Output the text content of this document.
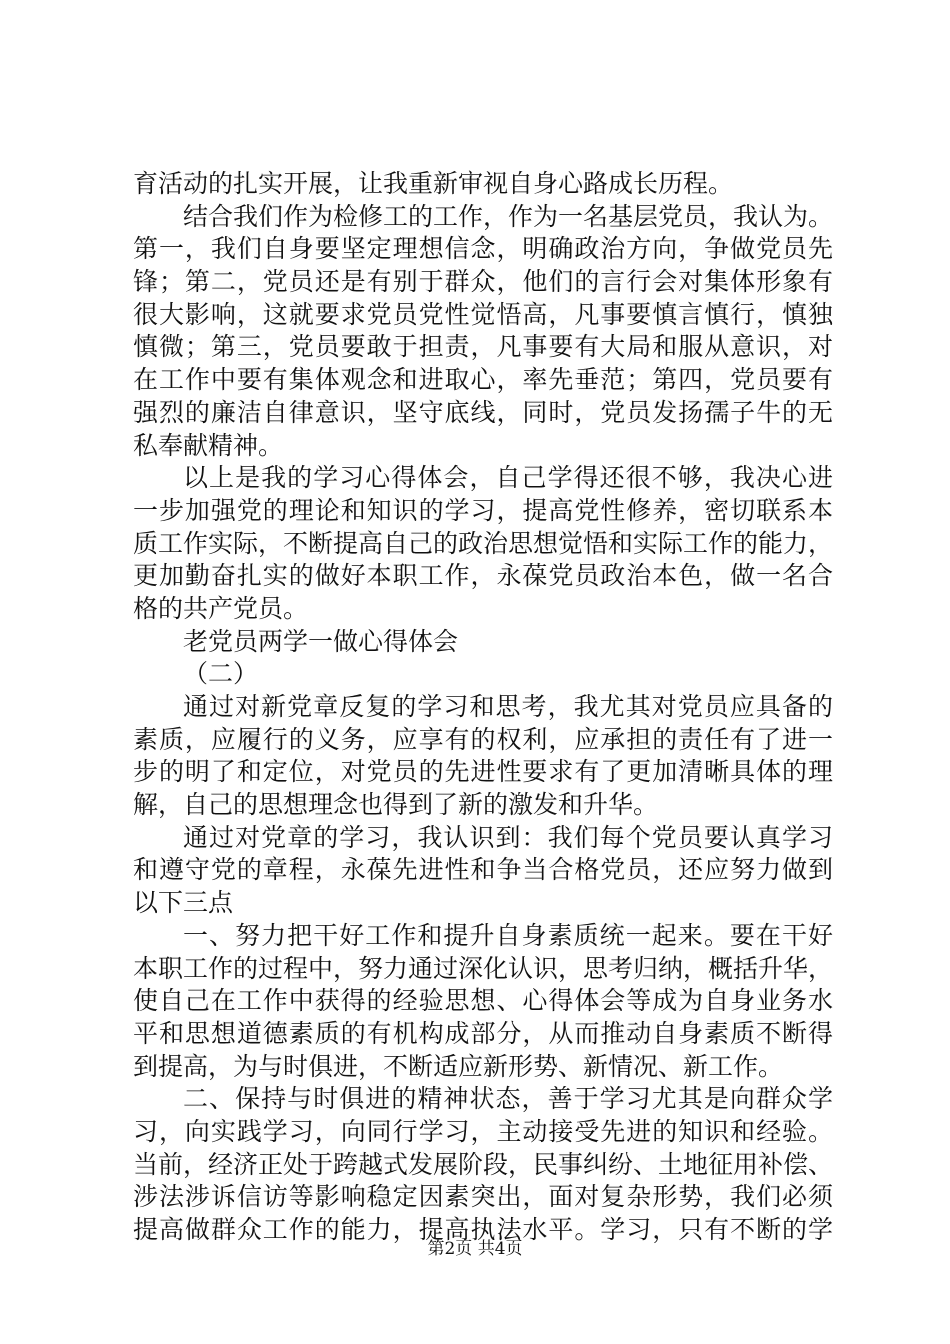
育活动的扎实开展，让我重新审视自身心路成长历程。
结合我们作为检修工的工作，作为一名基层党员，我认为。
第一，我们自身要坚定理想信念，明确政治方向，争做党员先
锋；第二，党员还是有别于群众，他们的言行会对集体形象有
很大影响，这就要求党员党性觉悟高，凡事要慎言慎行，慎独
慎微；第三，党员要敢于担责，凡事要有大局和服从意识，对
在工作中要有集体观念和进取心，率先垂范；第四，党员要有
强烈的廉洁自律意识，坚守底线，同时，党员发扬孺子牛的无
私奉献精神。
以上是我的学习心得体会，自己学得还很不够，我决心进
一步加强党的理论和知识的学习，提高党性修养，密切联系本
质工作实际，不断提高自己的政治思想觉悟和实际工作的能力，
更加勤奋扎实的做好本职工作，永葆党员政治本色，做一名合
格的共产党员。
老党员两学一做心得体会
（二）
通过对新党章反复的学习和思考，我尤其对党员应具备的
素质，应履行的义务，应享有的权利，应承担的责任有了进一
步的明了和定位，对党员的先进性要求有了更加清晰具体的理
解，自己的思想理念也得到了新的激发和升华。
通过对党章的学习，我认识到：我们每个党员要认真学习
和遵守党的章程，永葆先进性和争当合格党员，还应努力做到
以下三点
一、努力把干好工作和提升自身素质统一起来。要在干好
本职工作的过程中，努力通过深化认识，思考归纳，概括升华，
使自己在工作中获得的经验思想、心得体会等成为自身业务水
平和思想道德素质的有机构成部分，从而推动自身素质不断得
到提高，为与时俱进，不断适应新形势、新情况、新工作。
二、保持与时俱进的精神状态，善于学习尤其是向群众学
习，向实践学习，向同行学习，主动接受先进的知识和经验。
当前，经济正处于跨越式发展阶段，民事纠纷、土地征用补偿、
涉法涉诉信访等影响稳定因素突出，面对复杂形势，我们必须
提高做群众工作的能力，提高执法水平。学习，只有不断的学
第2页 共4页
